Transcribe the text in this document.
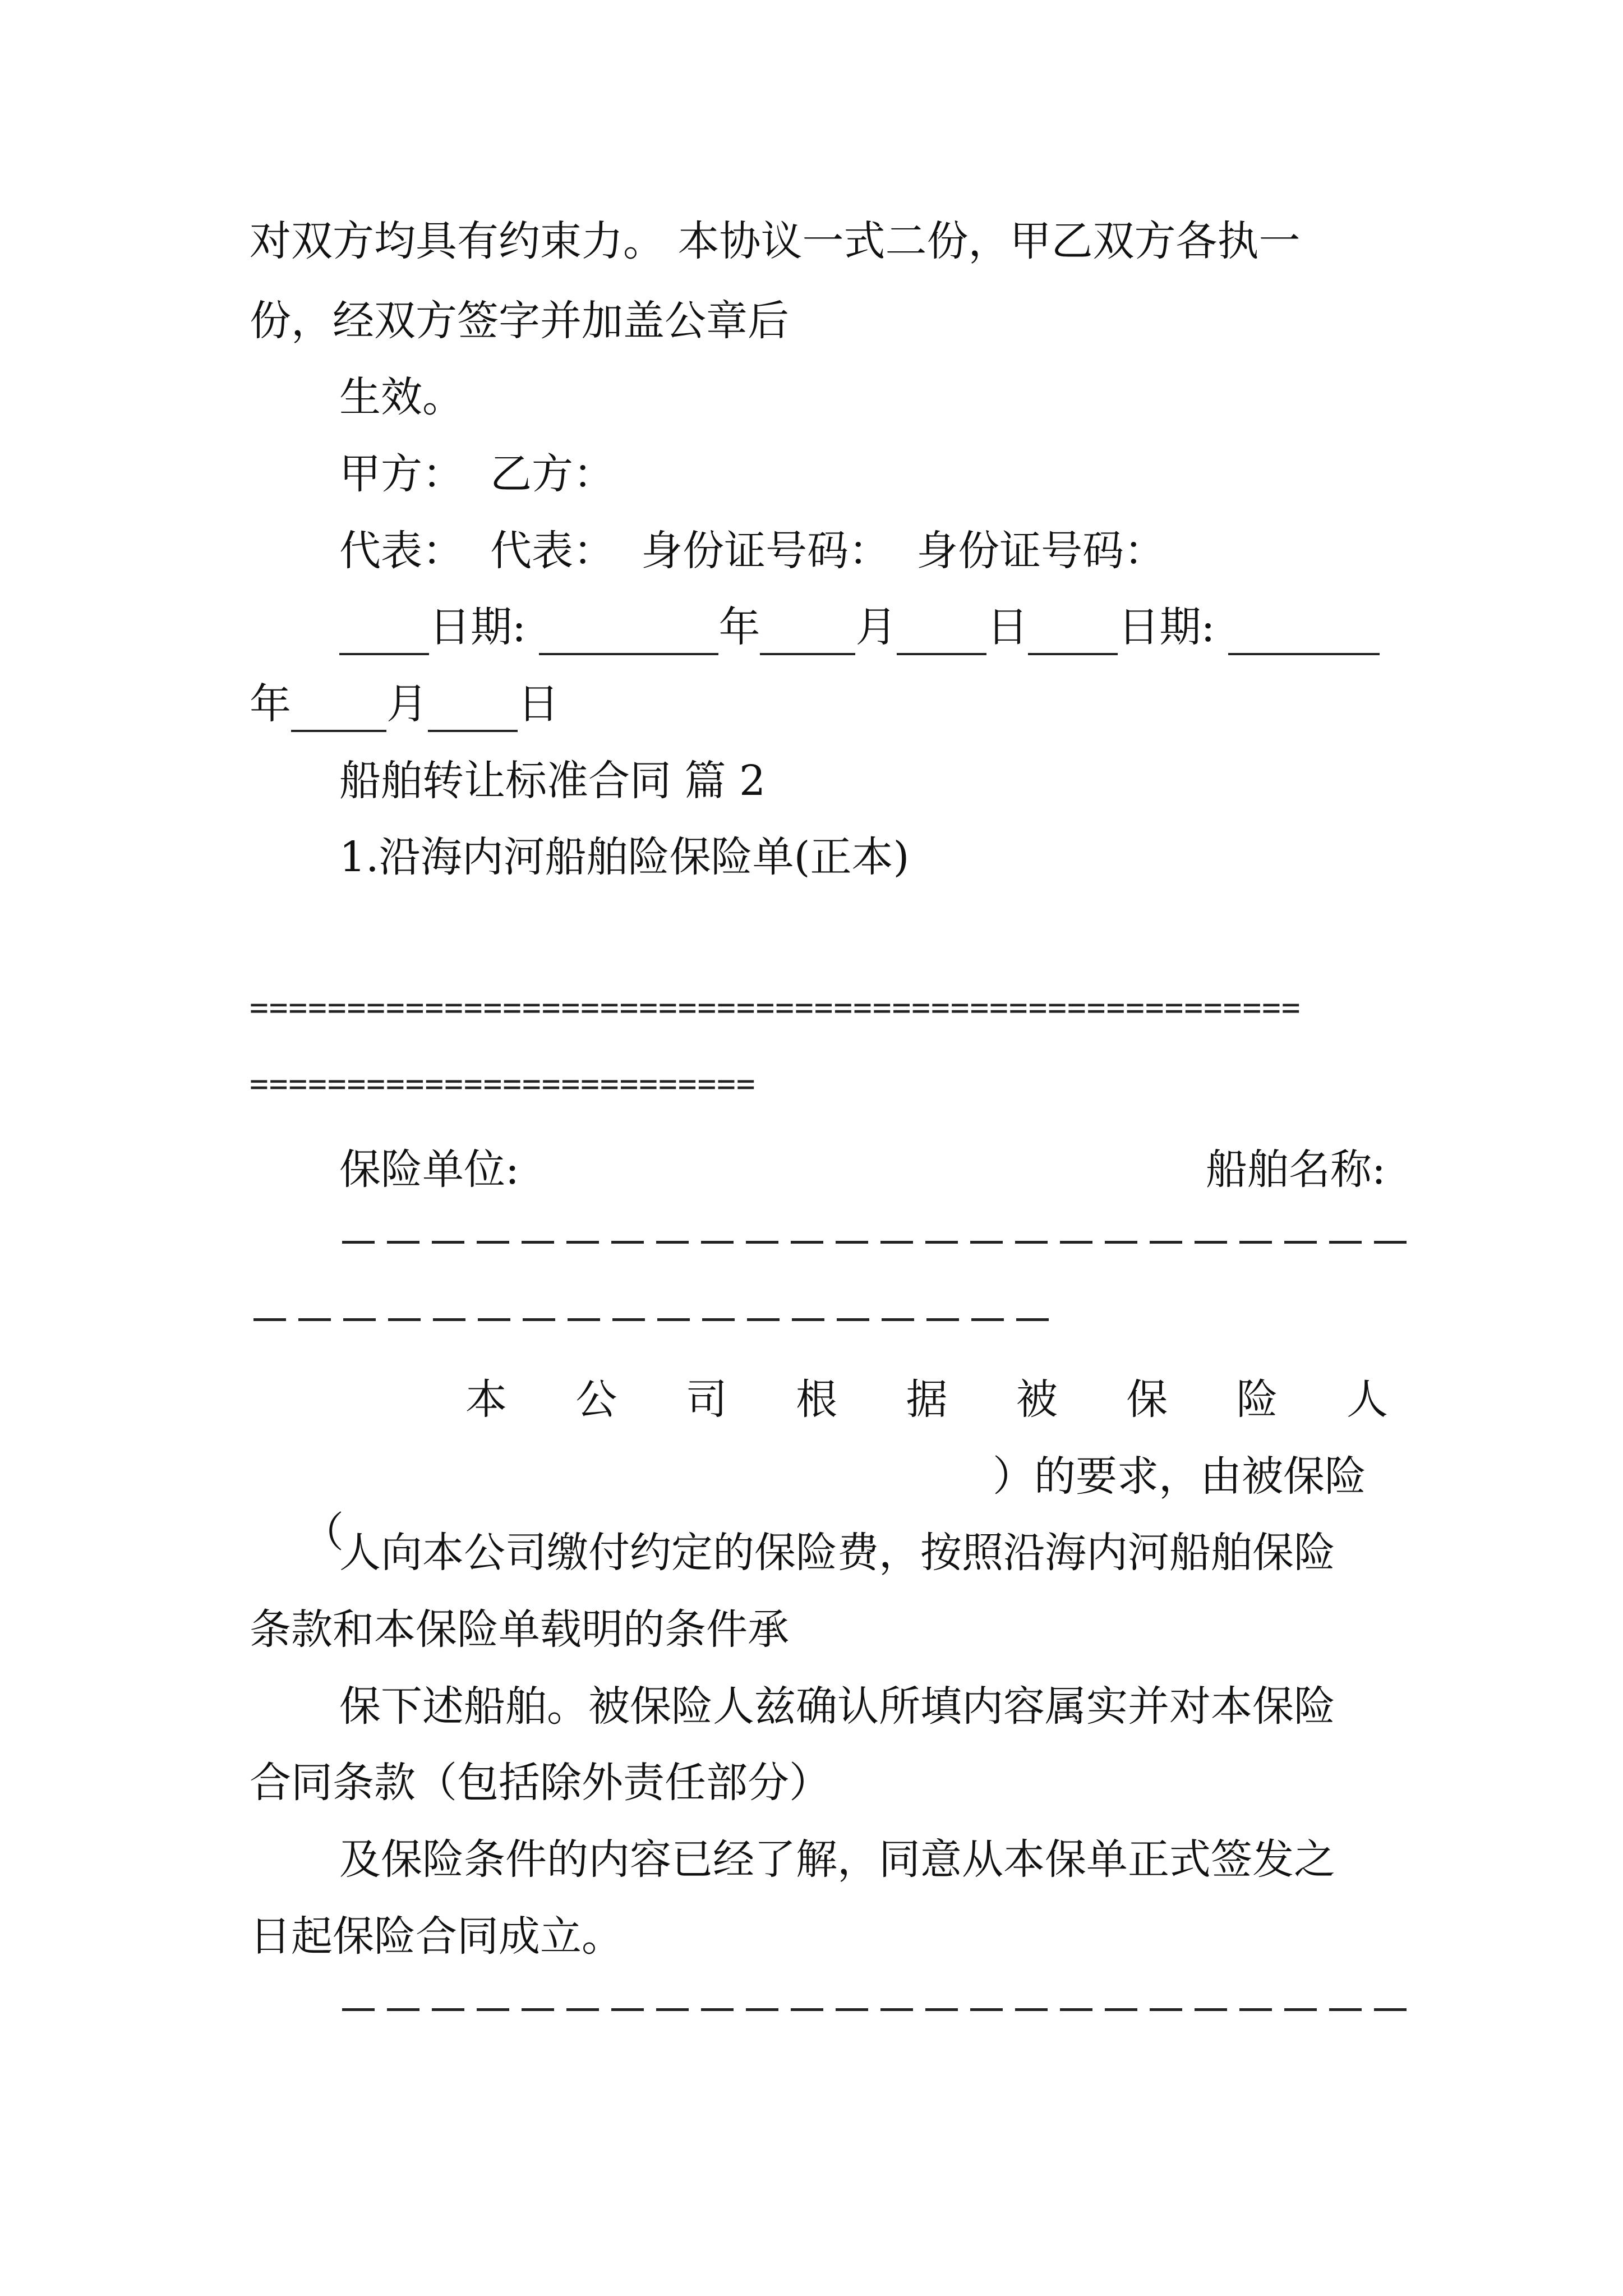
对双方均具有约束力。 本协议一式二份，甲乙双方各执一
份，经双方签字并加盖公章后
生效。
甲方：  乙方：
代表：  代表：  身份证号码：  身份证号码：
日期:	年 月 日 日期:
年 月 日
船舶转让标准合同 篇 2
1.沿海内河船舶险保险单(正本)
======================================================
==========================
保险单位:	船舶名称:
本 公 司 根 据 被 保 险 人

（

）的要求，由被保险
人向本公司缴付约定的保险费，按照沿海内河船舶保险
条款和本保险单载明的条件承
保下述船舶。被保险人兹确认所填内容属实并对本保险
合同条款（包括除外责任部分）
及保险条件的内容已经了解，同意从本保单正式签发之
日起保险合同成立。
